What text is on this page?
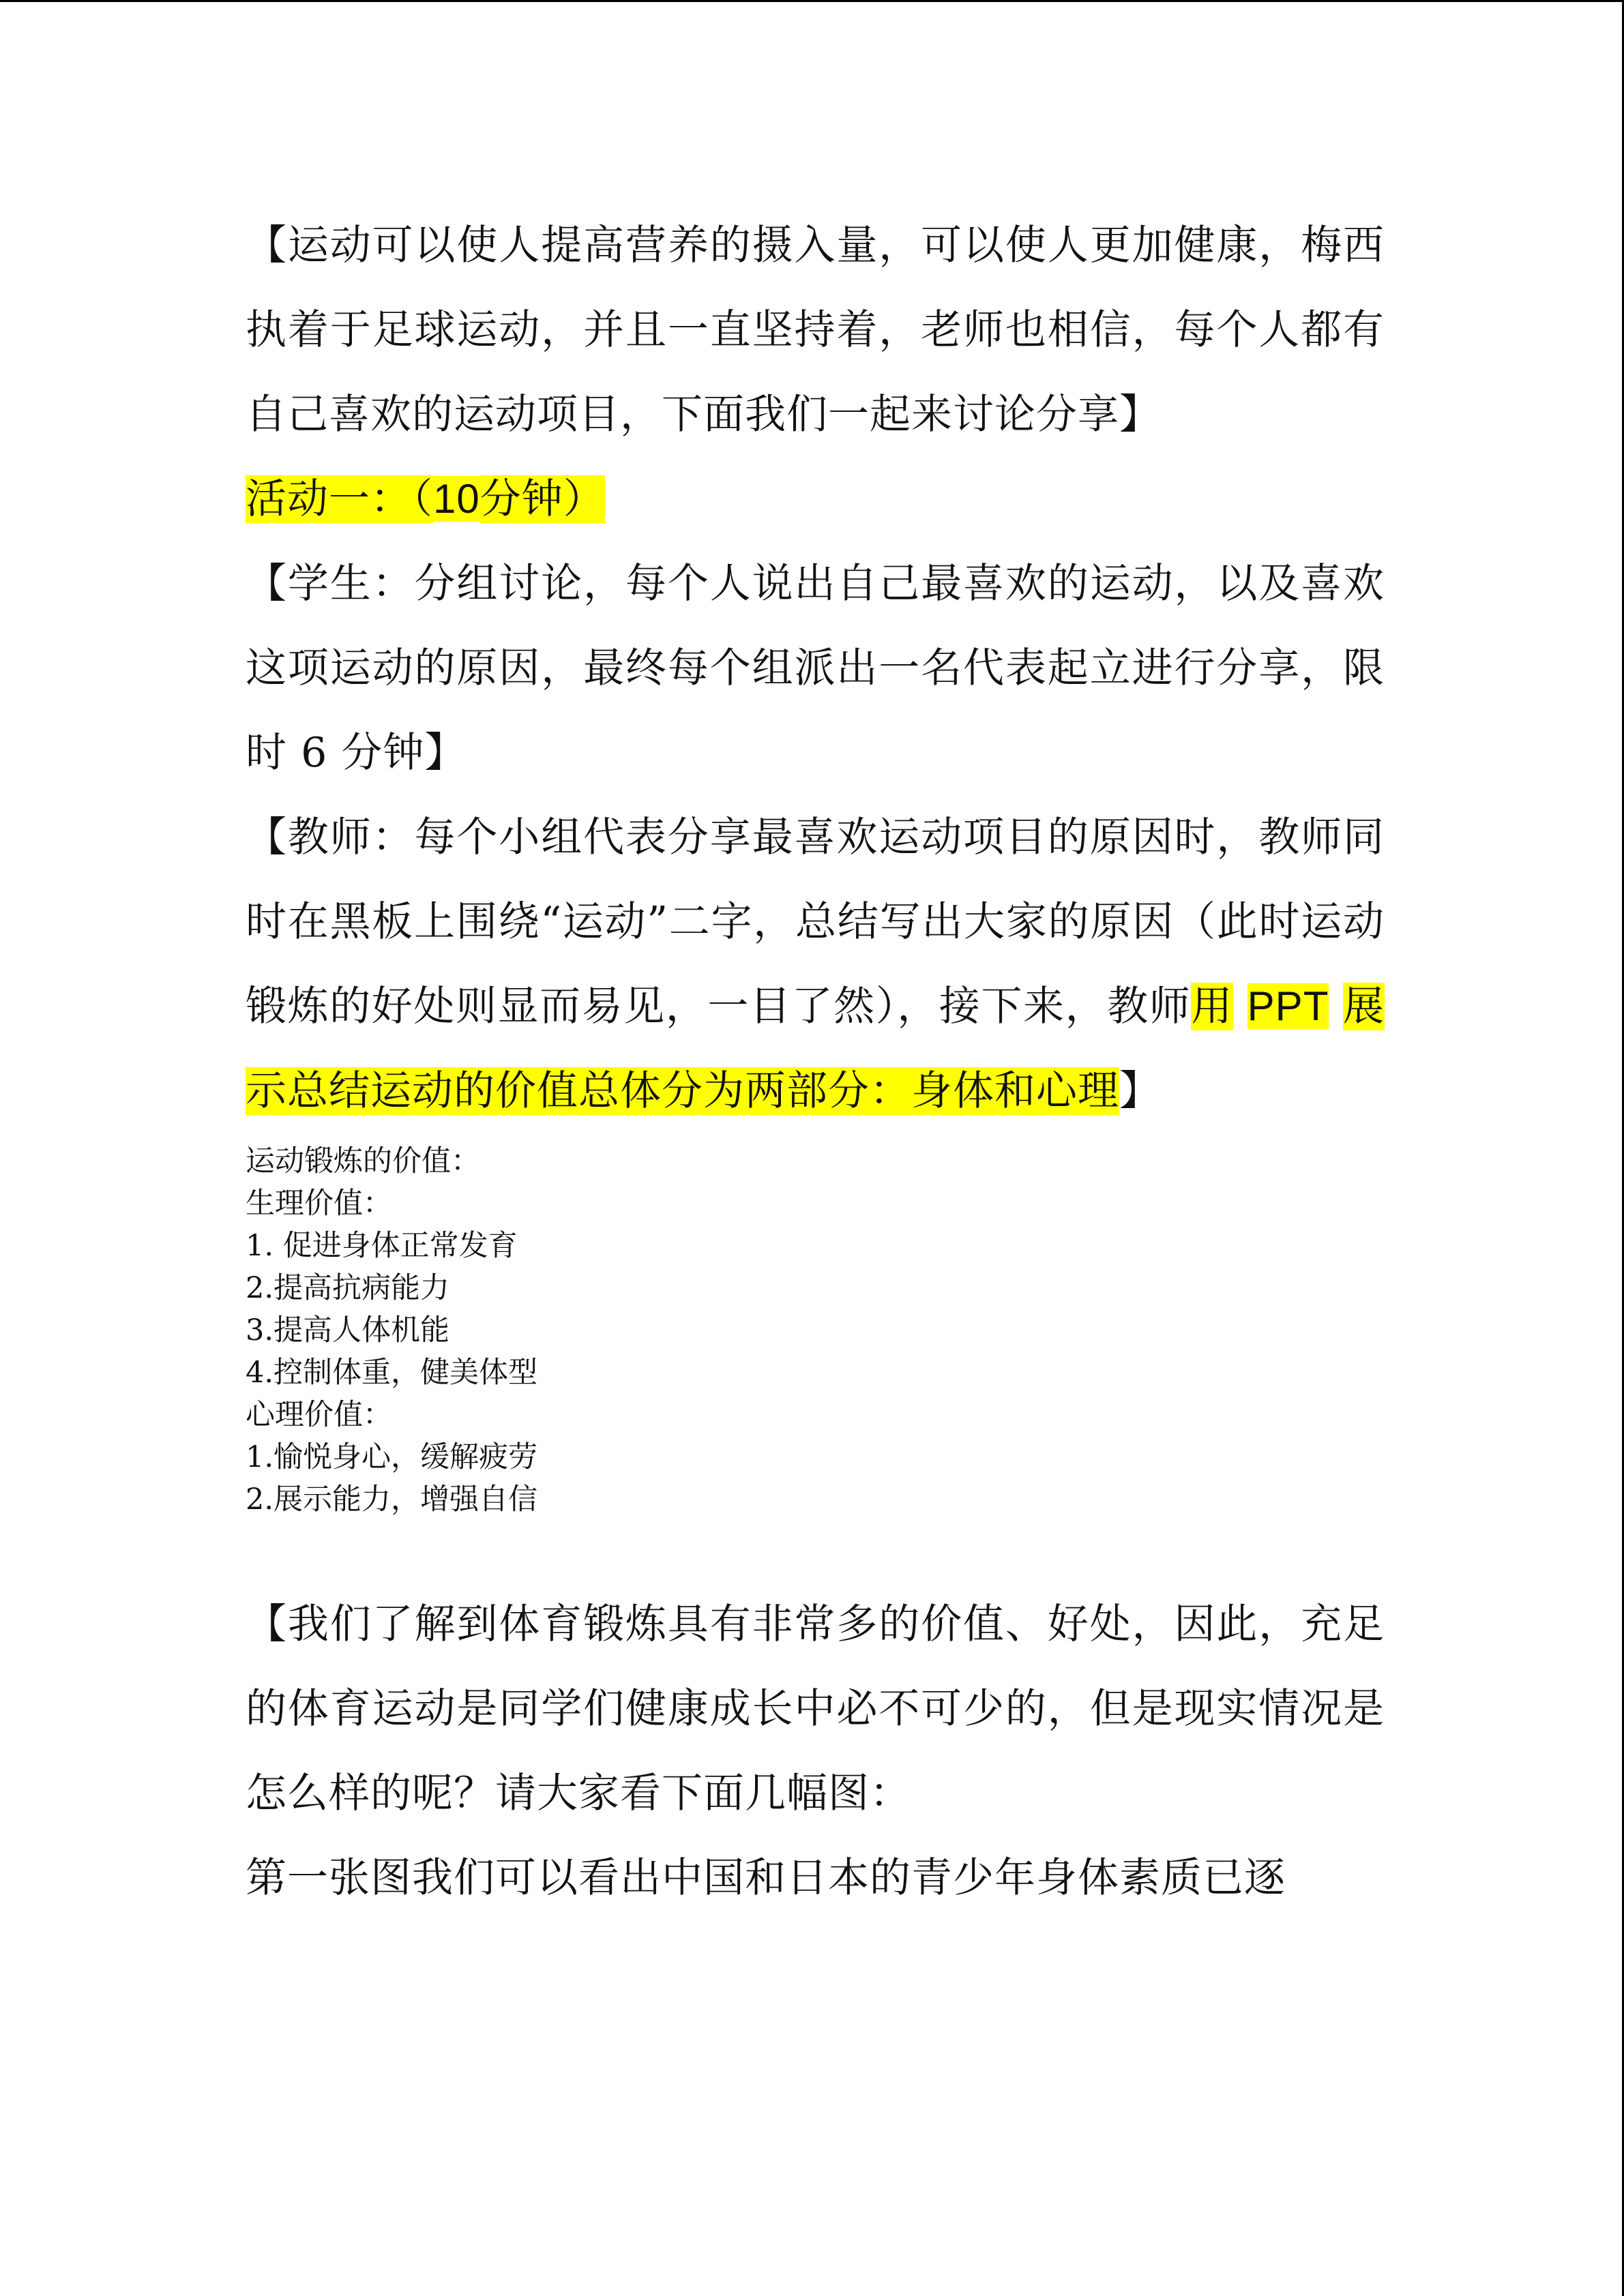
【运动可以使人提高营养的摄入量，可以使人更加健康，梅西执着于足球运动，并且一直坚持着，老师也相信，每个人都有自己喜欢的运动项目，下面我们一起来讨论分享】

活动一：（10分钟）

【学生：分组讨论，每个人说出自己最喜欢的运动，以及喜欢这项运动的原因，最终每个组派出一名代表起立进行分享，限时 6 分钟】

【教师：每个小组代表分享最喜欢运动项目的原因时，教师同时在黑板上围绕“运动”二字，总结写出大家的原因（此时运动锻炼的好处则显而易见，一目了然），接下来，教师用 PPT 展示总结运动的价值总体分为两部分：身体和心理】

运动锻炼的价值：

生理价值：

1. 促进身体正常发育

2.提高抗病能力

3.提高人体机能

4.控制体重，健美体型

心理价值：

1.愉悦身心，缓解疲劳

2.展示能力，增强自信

【我们了解到体育锻炼具有非常多的价值、好处，因此，充足的体育运动是同学们健康成长中必不可少的，但是现实情况是怎么样的呢？请大家看下面几幅图：

第一张图我们可以看出中国和日本的青少年身体素质已逐
